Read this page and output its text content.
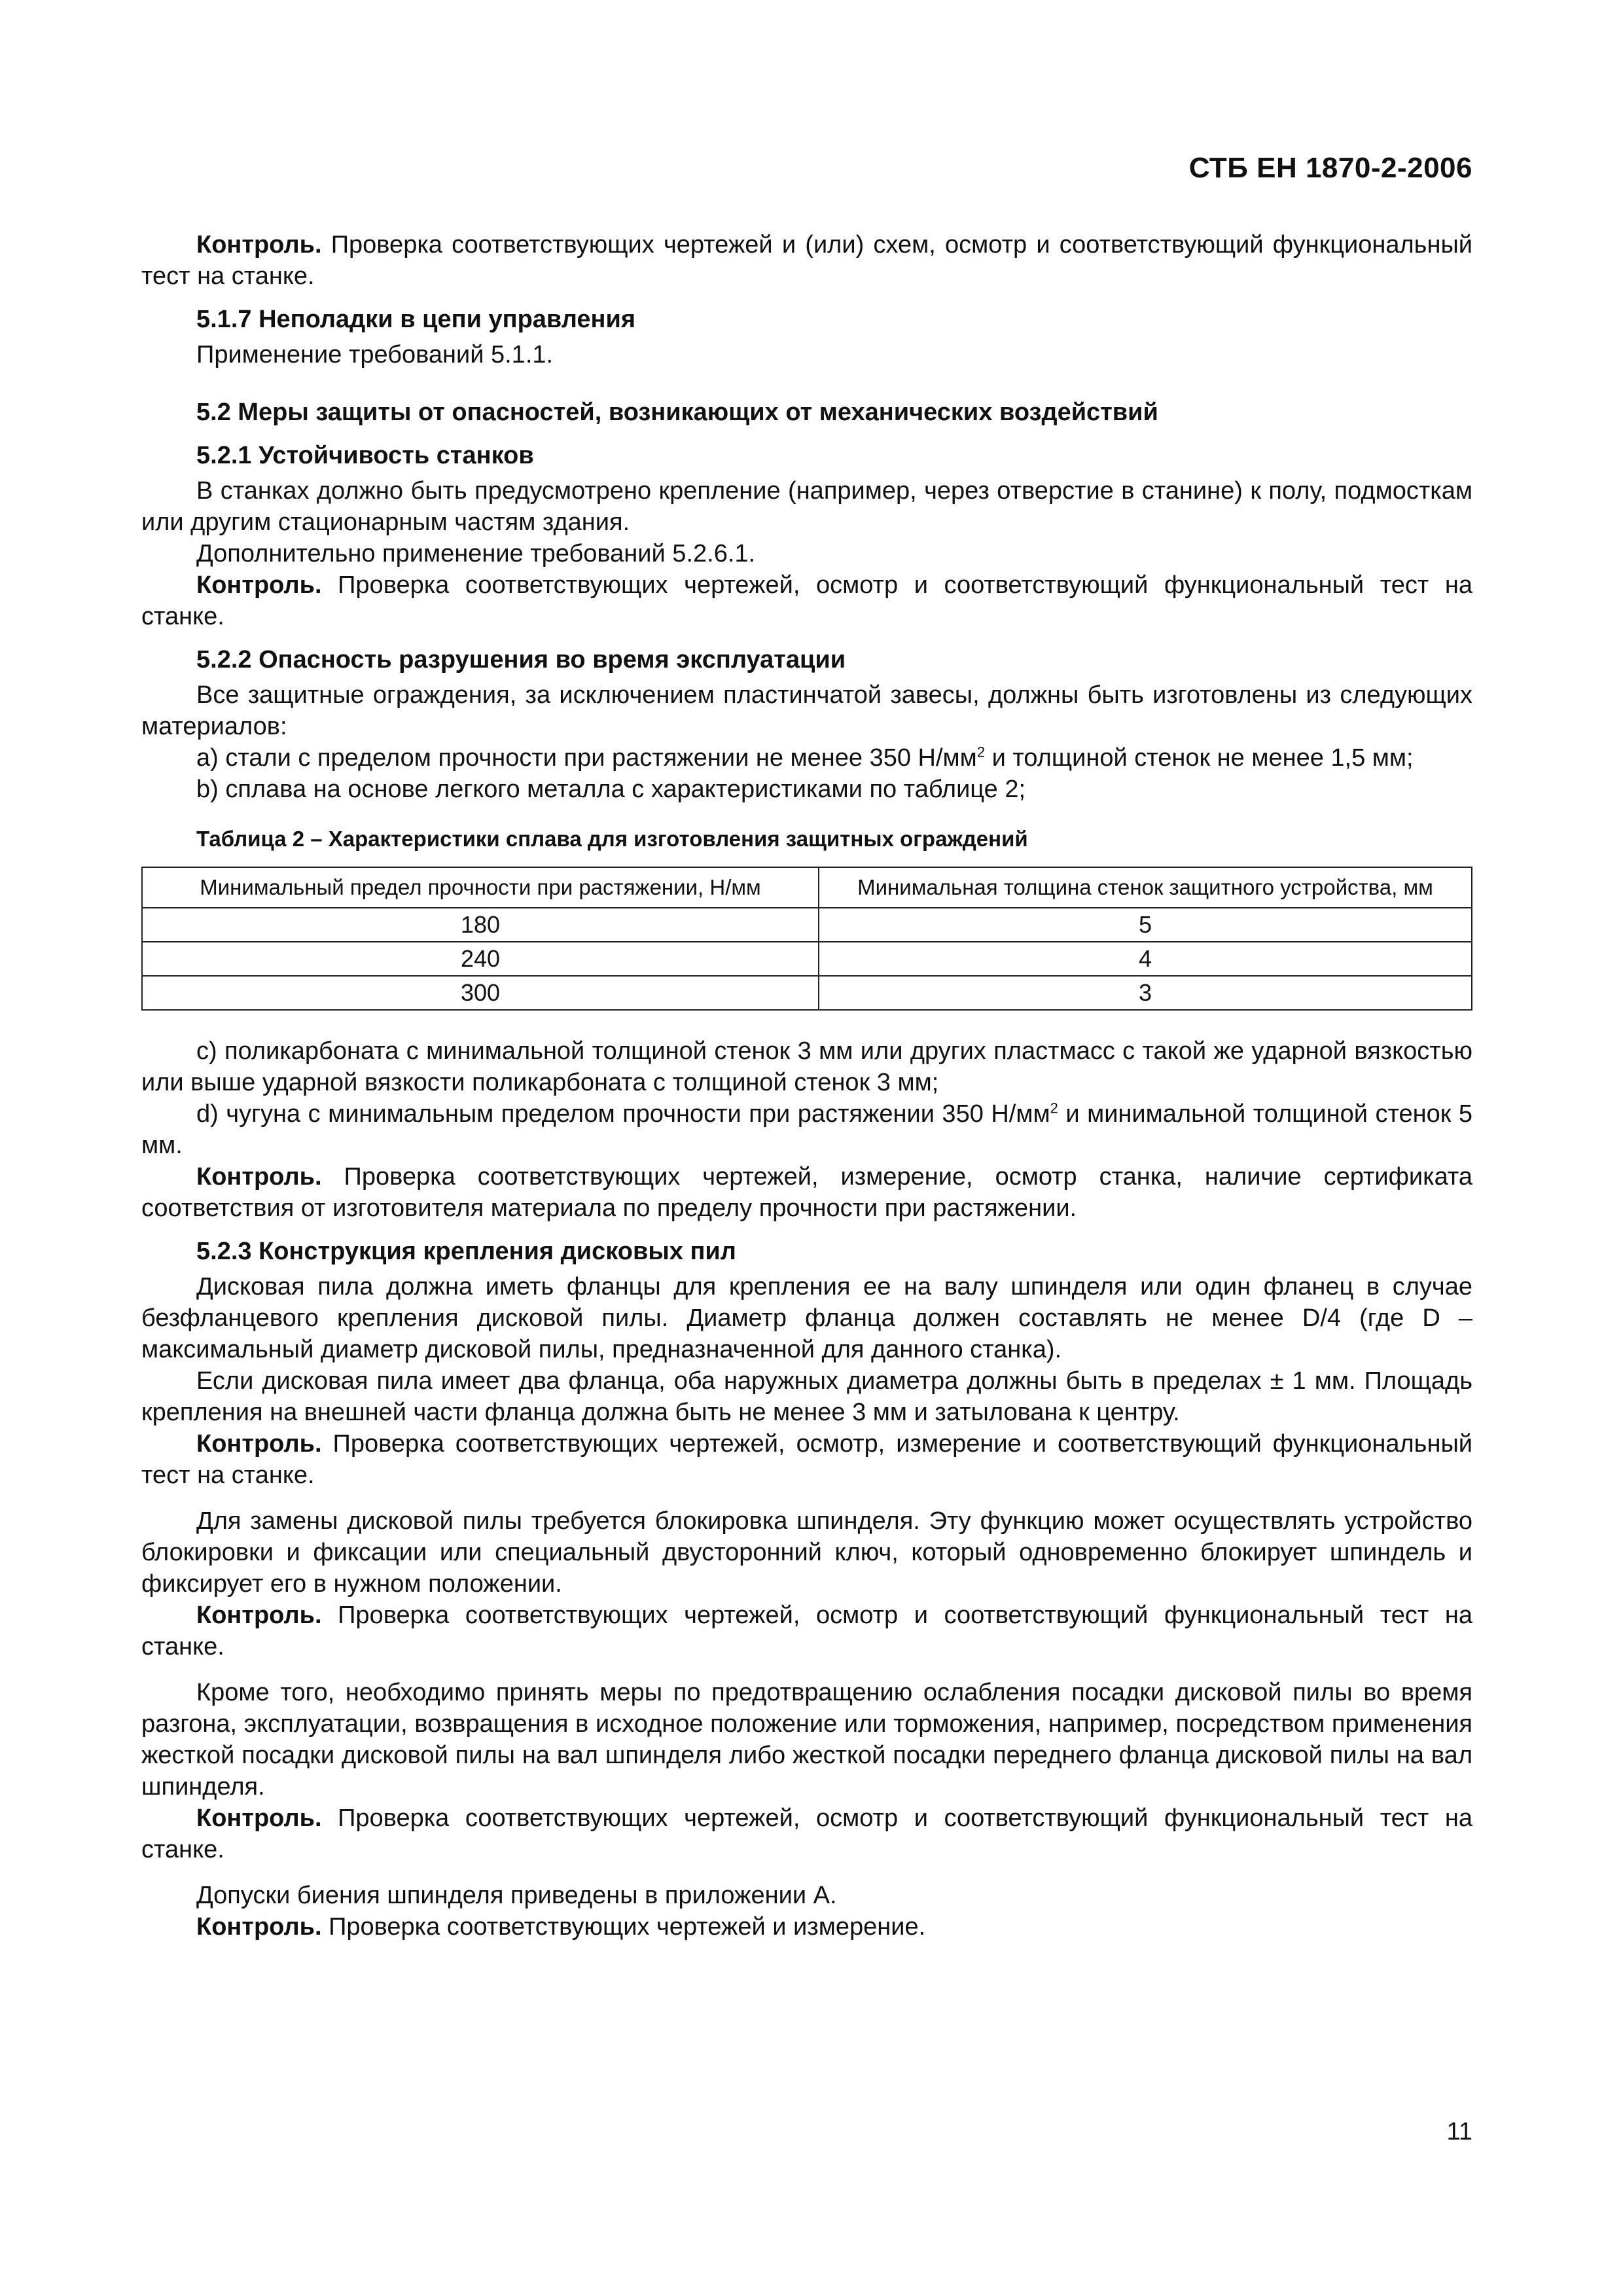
СТБ ЕН 1870-2-2006

Контроль. Проверка соответствующих чертежей и (или) схем, осмотр и соответствующий функциональный тест на станке.

5.1.7 Неполадки в цепи управления

Применение требований 5.1.1.

5.2 Меры защиты от опасностей, возникающих от механических воздействий
5.2.1 Устойчивость станков

В станках должно быть предусмотрено крепление (например, через отверстие в станине) к полу, подмосткам или другим стационарным частям здания.

Дополнительно применение требований 5.2.6.1.

Контроль. Проверка соответствующих чертежей, осмотр и соответствующий функциональный тест на станке.

5.2.2 Опасность разрушения во время эксплуатации

Все защитные ограждения, за исключением пластинчатой завесы, должны быть изготовлены из следующих материалов:

a) стали с пределом прочности при растяжении не менее 350 $Н/мм^2$ и толщиной стенок не менее 1,5 мм;

b) сплава на основе легкого металла с характеристиками по таблице 2;

Таблица 2 – Характеристики сплава для изготовления защитных ограждений
Минимальный предел прочности при растяжении, Н/мм	Минимальная толщина стенок защитного устройства, мм
180	5
240	4
300	3

c) поликарбоната с минимальной толщиной стенок 3 мм или других пластмасс с такой же ударной вязкостью или выше ударной вязкости поликарбоната с толщиной стенок 3 мм;

d) чугуна с минимальным пределом прочности при растяжении 350 $Н/мм^2$ и минимальной толщиной стенок 5 мм.

Контроль. Проверка соответствующих чертежей, измерение, осмотр станка, наличие сертификата соответствия от изготовителя материала по пределу прочности при растяжении.

5.2.3 Конструкция крепления дисковых пил

Дисковая пила должна иметь фланцы для крепления ее на валу шпинделя или один фланец в случае безфланцевого крепления дисковой пилы. Диаметр фланца должен составлять не менее D/4 (где D – максимальный диаметр дисковой пилы, предназначенной для данного станка).

Если дисковая пила имеет два фланца, оба наружных диаметра должны быть в пределах ± 1 мм. Площадь крепления на внешней части фланца должна быть не менее 3 мм и затылована к центру.

Контроль. Проверка соответствующих чертежей, осмотр, измерение и соответствующий функциональный тест на станке.

Для замены дисковой пилы требуется блокировка шпинделя. Эту функцию может осуществлять устройство блокировки и фиксации или специальный двусторонний ключ, который одновременно блокирует шпиндель и фиксирует его в нужном положении.

Контроль. Проверка соответствующих чертежей, осмотр и соответствующий функциональный тест на станке.

Кроме того, необходимо принять меры по предотвращению ослабления посадки дисковой пилы во время разгона, эксплуатации, возвращения в исходное положение или торможения, например, посредством применения жесткой посадки дисковой пилы на вал шпинделя либо жесткой посадки переднего фланца дисковой пилы на вал шпинделя.

Контроль. Проверка соответствующих чертежей, осмотр и соответствующий функциональный тест на станке.

Допуски биения шпинделя приведены в приложении А.

Контроль. Проверка соответствующих чертежей и измерение.

11
